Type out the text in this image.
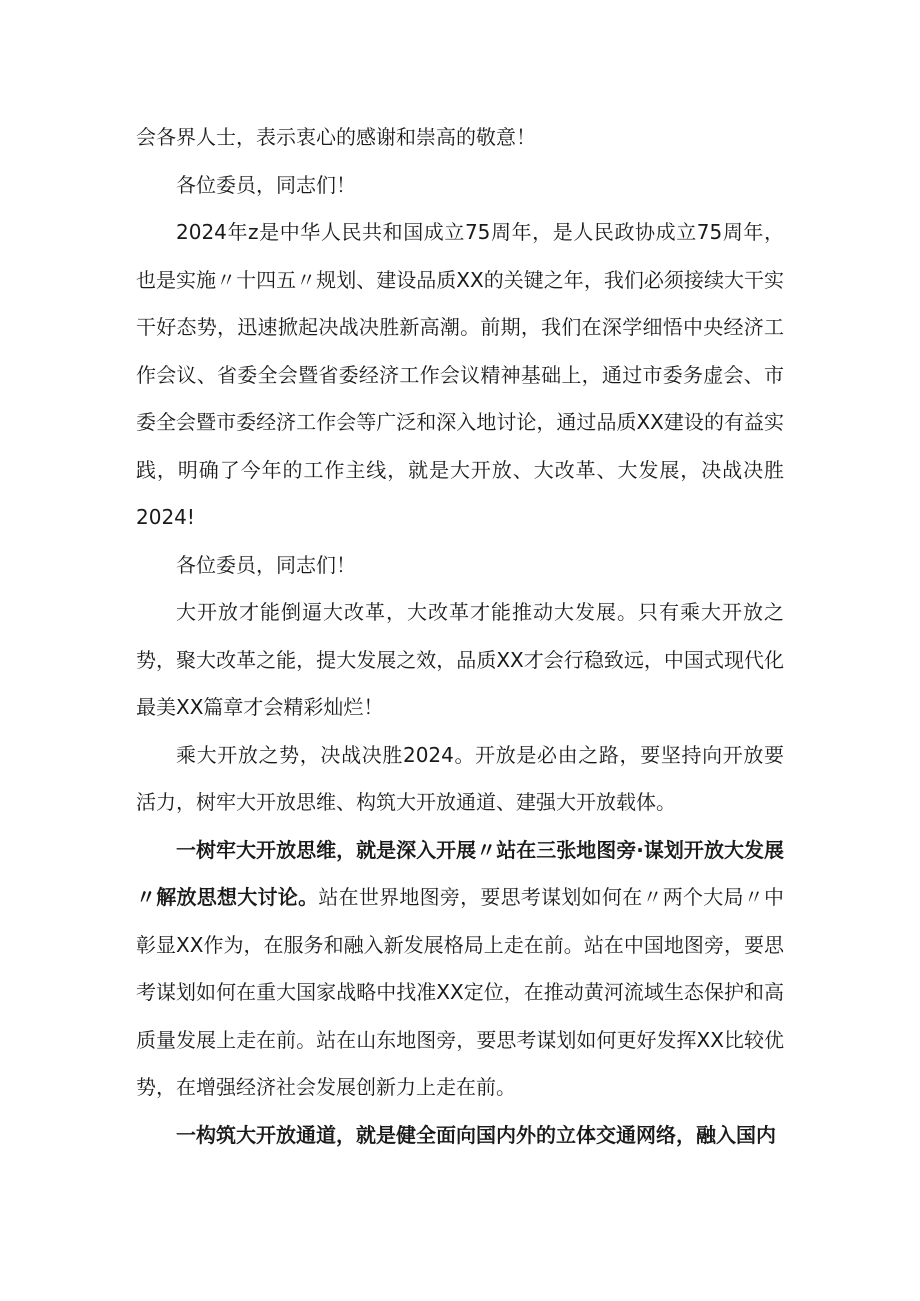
会各界人士，表示衷心的感谢和崇高的敬意！

各位委员，同志们！

2024年z是中华人民共和国成立75周年，是人民政协成立75周年，也是实施〃十四五〃规划、建设品质XX的关键之年，我们必须接续大干实干好态势，迅速掀起决战决胜新高潮。前期，我们在深学细悟中央经济工作会议、省委全会暨省委经济工作会议精神基础上，通过市委务虚会、市委全会暨市委经济工作会等广泛和深入地讨论，通过品质XX建设的有益实践，明确了今年的工作主线，就是大开放、大改革、大发展，决战决胜2024!

各位委员，同志们！

大开放才能倒逼大改革，大改革才能推动大发展。只有乘大开放之势，聚大改革之能，提大发展之效，品质XX才会行稳致远，中国式现代化最美XX篇章才会精彩灿烂！

乘大开放之势，决战决胜2024。开放是必由之路，要坚持向开放要活力，树牢大开放思维、构筑大开放通道、建强大开放载体。

一树牢大开放思维，就是深入开展〃站在三张地图旁·谋划开放大发展〃解放思想大讨论。站在世界地图旁，要思考谋划如何在〃两个大局〃中彰显XX作为，在服务和融入新发展格局上走在前。站在中国地图旁，要思考谋划如何在重大国家战略中找准XX定位，在推动黄河流域生态保护和高质量发展上走在前。站在山东地图旁，要思考谋划如何更好发挥XX比较优势，在增强经济社会发展创新力上走在前。

一构筑大开放通道，就是健全面向国内外的立体交通网络，融入国内
